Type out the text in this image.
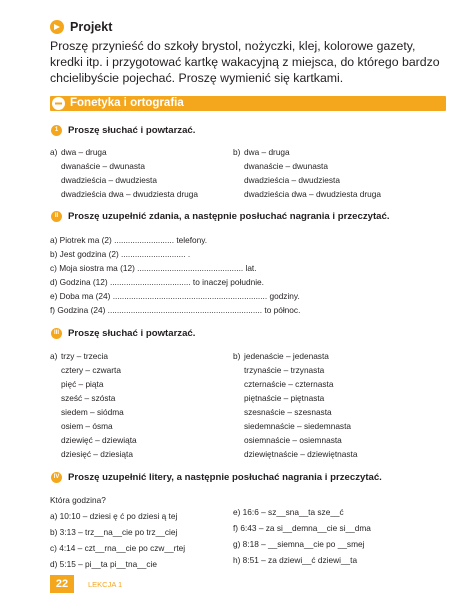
Projekt
Proszę przynieść do szkoły brystol, nożyczki, klej, kolorowe gazety,
kredki itp. i przygotować kartkę wakacyjną z miejsca, do którego bardzo
chcielibyście pojechać. Proszę wymienić się kartkami.
Fonetyka i ortografia
1	Proszę słuchać i powtarzać.
a) dwa – druga
dwanaście – dwunasta
dwadzieścia – dwudziesta
dwadzieścia dwa – dwudziesta druga
b) dwa – druga
dwanaście – dwunasta
dwadzieścia – dwudziesta
dwadzieścia dwa – dwudziesta druga
II	Proszę uzupełnić zdania, a następnie posłuchać nagrania i przeczytać.
a) Piotrek ma (2) .......................... telefony.
b) Jest godzina (2) ............................ .
c) Moja siostra ma (12) .............................................. lat.
d) Godzina (12) ................................... to inaczej południe.
e) Doba ma (24) ................................................................... godziny.
f) Godzina (24) ................................................................... to północ.
III Proszę słuchać i powtarzać.
a) trzy – trzecia
cztery – czwarta
pięć – piąta
sześć – szósta
siedem – siódma
osiem – ósma
dziewięć – dziewiąta
dziesięć – dziesiąta
b) jedenaście – jedenasta
trzynaście – trzynasta
czternaście – czternasta
piętnaście – piętnasta
szesnaście – szesnasta
siedemnaście – siedemnasta
osiemnaście – osiemnasta
dziewiętnaście – dziewiętnasta
IV Proszę uzupełnić litery, a następnie posłuchać nagrania i przeczytać.
Która godzina?
a) 10:10 – dziesi ę ć po dziesi ą tej
b) 3:13 – trz__na__cie po trz__ciej
c) 4:14 – czt__rna__cie po czw__rtej
d) 5:15 – pi__ta pi__tna__cie
e) 16:6 – sz__sna__ta sze__ć
f) 6:43 – za si__demna__cie si__dma
g) 8:18 – __siemna__cie po __smej
h) 8:51 – za dziewi__ć dziewi__ta
22	LEKCJA 1
